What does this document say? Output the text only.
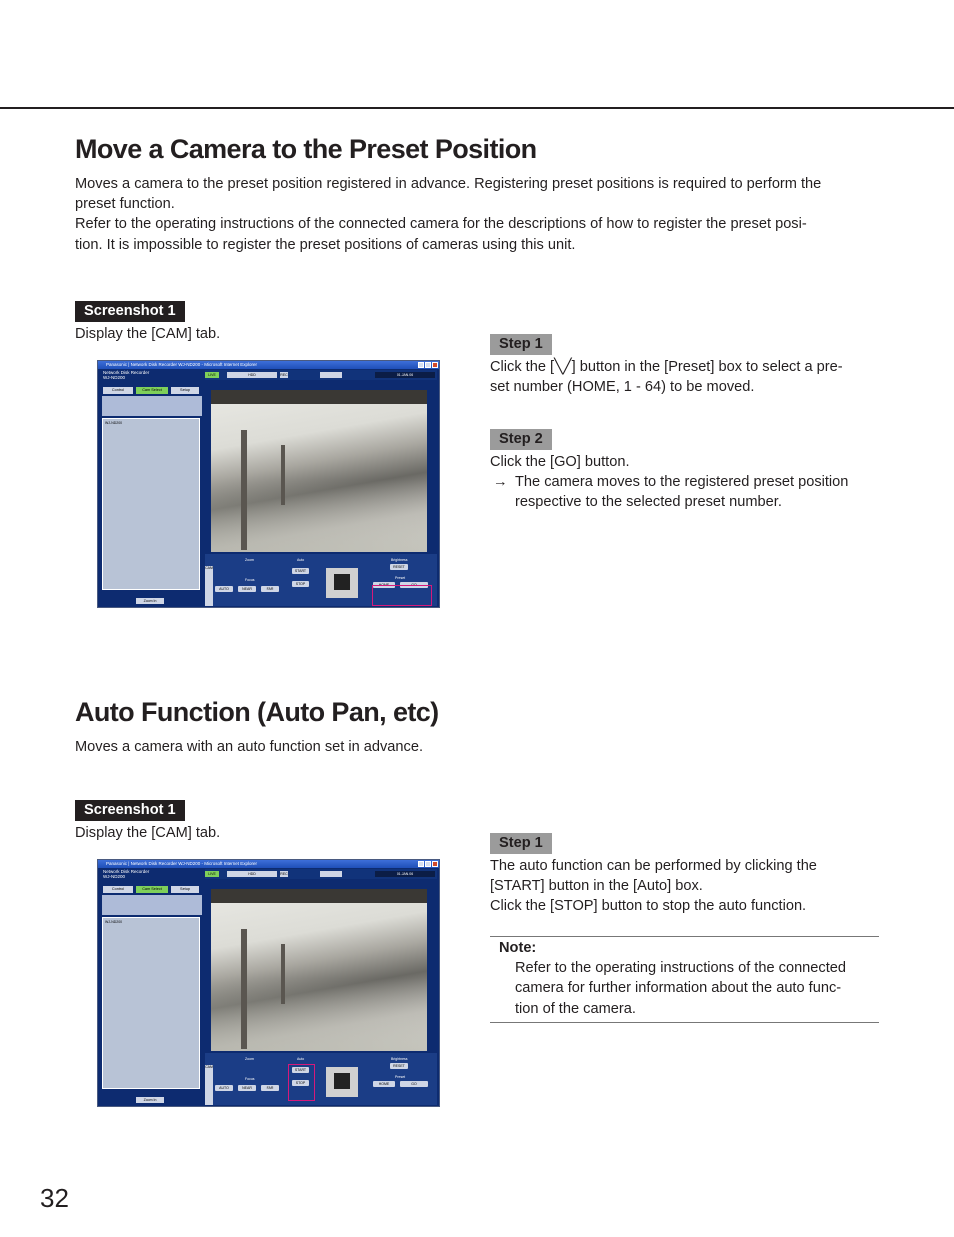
Move a Camera to the Preset Position

Moves a camera to the preset position registered in advance. Registering preset positions is required to perform the

preset function.

Refer to the operating instructions of the connected camera for the descriptions of how to register the preset posi-

tion. It is impossible to register the preset positions of cameras using this unit.

Screenshot 1

Display the [CAM] tab.

Panasonic | Network Disk Recorder WJ-ND200 - Microsoft Internet Explorer
Network Disk Recorder
WJ-ND200	LIVE	HDD	REC	01.JAN.06
Control	Cam Select	Setup
WJ-ND200
Zoom In
Zoom
Focus
Auto
START
STOP
Brightness
RESET
Preset
HOME	GO
AUTO	NEAR	FAR
CAM
Step 1

Click the [╲╱] button in the [Preset] box to select a pre-

set number (HOME, 1 - 64) to be moved.

Step 2

Click the [GO] button.

→ The camera moves to the registered preset position

respective to the selected preset number.

Auto Function (Auto Pan, etc)

Moves a camera with an auto function set in advance.

Screenshot 1

Display the [CAM] tab.

Panasonic | Network Disk Recorder WJ-ND200 - Microsoft Internet Explorer
Network Disk Recorder
WJ-ND200	LIVE	HDD	REC	01.JAN.06
Control	Cam Select	Setup
WJ-ND200
Zoom In
Zoom
Focus
Auto
START
STOP
Brightness
RESET
Preset
HOME	GO
AUTO	NEAR	FAR
CAM
Step 1

The auto function can be performed by clicking the

[START] button in the [Auto] box.

Click the [STOP] button to stop the auto function.

Note:

Refer to the operating instructions of the connected

camera for further information about the auto func-

tion of the camera.

32
